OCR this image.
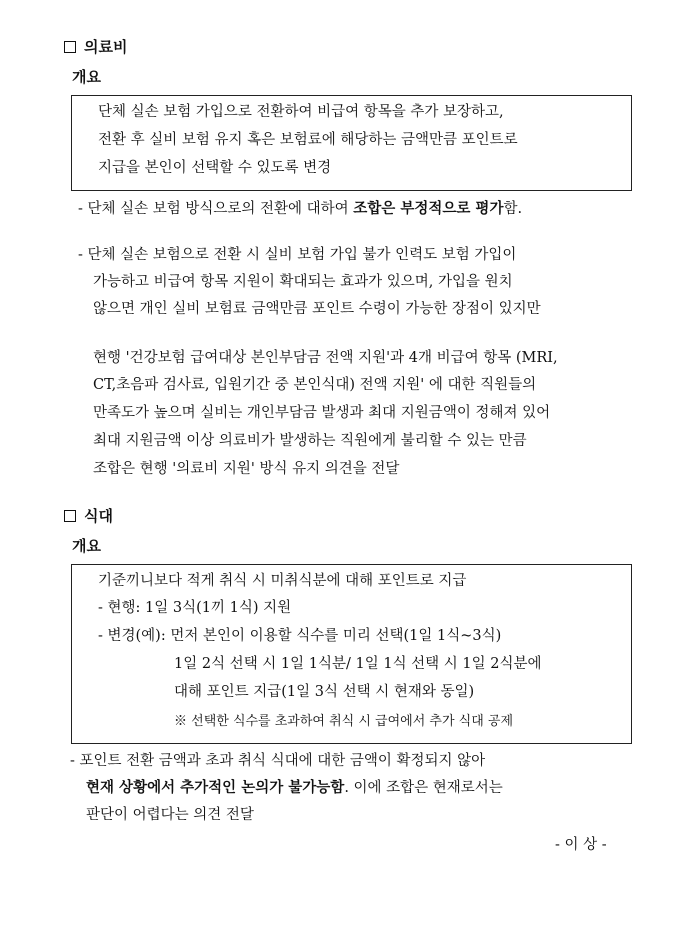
의료비
개요
단체 실손 보험 가입으로 전환하여 비급여 항목을 추가 보장하고,
전환 후 실비 보험 유지 혹은 보험료에 해당하는 금액만큼 포인트로
지급을 본인이 선택할 수 있도록 변경
- 단체 실손 보험 방식으로의 전환에 대하여 조합은 부정적으로 평가함.
- 단체 실손 보험으로 전환 시 실비 보험 가입 불가 인력도 보험 가입이
가능하고 비급여 항목 지원이 확대되는 효과가 있으며, 가입을 원치
않으면 개인 실비 보험료 금액만큼 포인트 수령이 가능한 장점이 있지만
현행 '건강보험 급여대상 본인부담금 전액 지원'과 4개 비급여 항목 (MRI,
CT,초음파 검사료, 입원기간 중 본인식대) 전액 지원' 에 대한 직원들의
만족도가 높으며 실비는 개인부담금 발생과 최대 지원금액이 정해져 있어
최대 지원금액 이상 의료비가 발생하는 직원에게 불리할 수 있는 만큼
조합은 현행 '의료비 지원' 방식 유지 의견을 전달
식대
개요
기준끼니보다 적게 취식 시 미취식분에 대해 포인트로 지급
- 현행: 1일 3식(1끼 1식) 지원
- 변경(예): 먼저 본인이 이용할 식수를 미리 선택(1일 1식~3식)
1일 2식 선택 시 1일 1식분/ 1일 1식 선택 시 1일 2식분에
대해 포인트 지급(1일 3식 선택 시 현재와 동일)
※ 선택한 식수를 초과하여 취식 시 급여에서 추가 식대 공제
- 포인트 전환 금액과 초과 취식 식대에 대한 금액이 확정되지 않아
현재 상황에서 추가적인 논의가 불가능함. 이에 조합은 현재로서는
판단이 어렵다는 의견 전달
- 이 상 -
